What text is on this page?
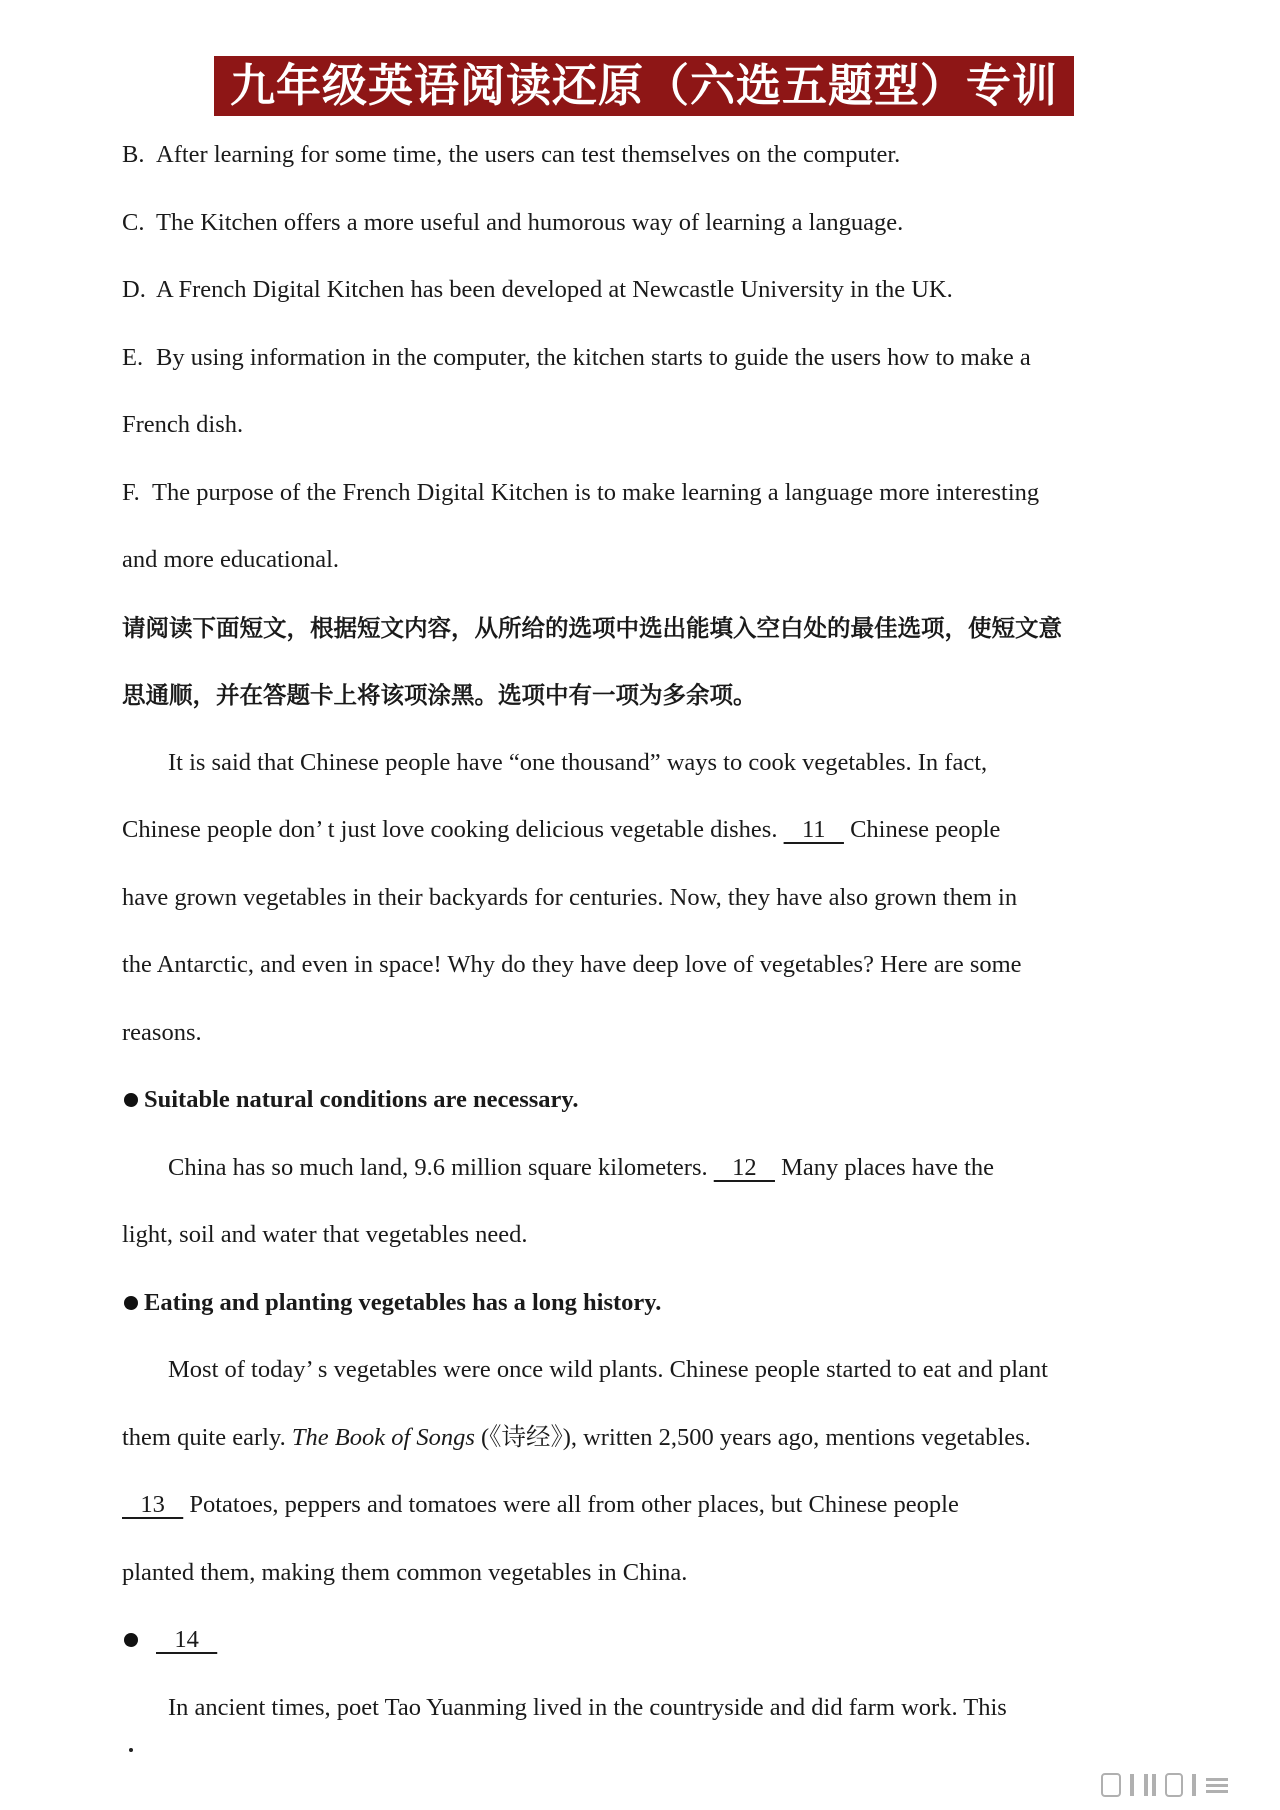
九年级英语阅读还原（六选五题型）专训
B. After learning for some time, the users can test themselves on the computer.
C. The Kitchen offers a more useful and humorous way of learning a language.
D. A French Digital Kitchen has been developed at Newcastle University in the UK.
E. By using information in the computer, the kitchen starts to guide the users how to make a
French dish.
F. The purpose of the French Digital Kitchen is to make learning a language more interesting
and more educational.
请阅读下面短文，根据短文内容，从所给的选项中选出能填入空白处的最佳选项，使短文意
思通顺，并在答题卡上将该项涂黑。选项中有一项为多余项。
It is said that Chinese people have “one thousand” ways to cook vegetables. In fact,
Chinese people don’ t just love cooking delicious vegetable dishes.    11    Chinese people
have grown vegetables in their backyards for centuries. Now, they have also grown them in
the Antarctic, and even in space! Why do they have deep love of vegetables? Here are some
reasons.
Suitable natural conditions are necessary.
China has so much land, 9.6 million square kilometers.    12    Many places have the
light, soil and water that vegetables need.
Eating and planting vegetables has a long history.
Most of today’ s vegetables were once wild plants. Chinese people started to eat and plant
them quite early. The Book of Songs (《诗经》), written 2,500 years ago, mentions vegetables.
13    Potatoes, peppers and tomatoes were all from other places, but Chinese people
planted them, making them common vegetables in China.
14
In ancient times, poet Tao Yuanming lived in the countryside and did farm work. This
